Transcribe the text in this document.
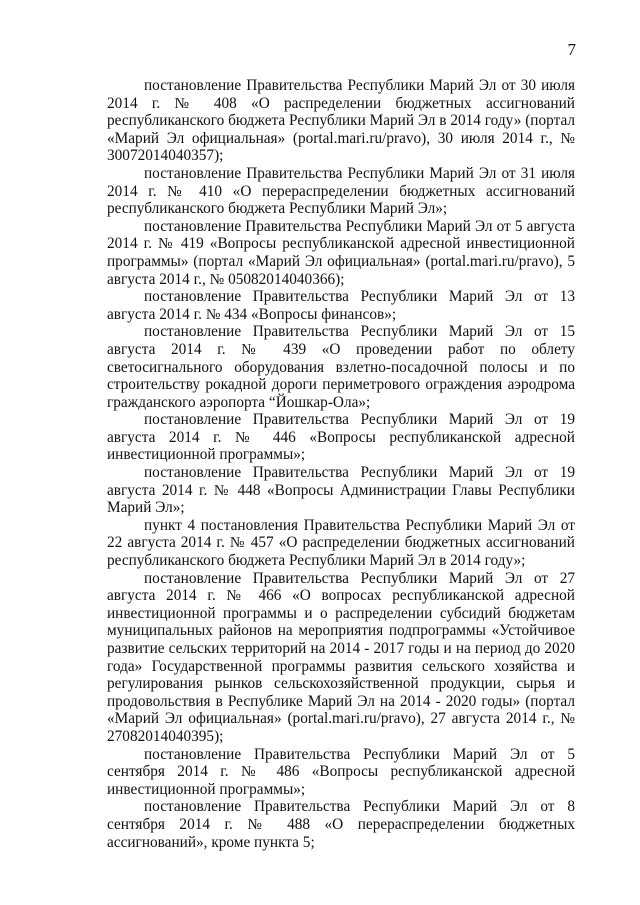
7

постановление Правительства Республики Марий Эл от 30 июля 2014 г. № 408 «О распределении бюджетных ассигнований республиканского бюджета Республики Марий Эл в 2014 году» (портал «Марий Эл официальная» (portal.mari.ru/pravo), 30 июля 2014 г., № 30072014040357);

постановление Правительства Республики Марий Эл от 31 июля 2014 г. № 410 «О перераспределении бюджетных ассигнований республиканского бюджета Республики Марий Эл»;

постановление Правительства Республики Марий Эл от 5 августа 2014 г. № 419 «Вопросы республиканской адресной инвестиционной программы» (портал «Марий Эл официальная» (portal.mari.ru/pravo), 5 августа 2014 г., № 05082014040366);

постановление Правительства Республики Марий Эл от 13 августа 2014 г. № 434 «Вопросы финансов»;

постановление Правительства Республики Марий Эл от 15 августа 2014 г. № 439 «О проведении работ по облету светосигнального оборудования взлетно-посадочной полосы и по строительству рокадной дороги периметрового ограждения аэродрома гражданского аэропорта “Йошкар-Ола»;

постановление Правительства Республики Марий Эл от 19 августа 2014 г. № 446 «Вопросы республиканской адресной инвестиционной программы»;

постановление Правительства Республики Марий Эл от 19 августа 2014 г. № 448 «Вопросы Администрации Главы Республики Марий Эл»;

пункт 4 постановления Правительства Республики Марий Эл от 22 августа 2014 г. № 457 «О распределении бюджетных ассигнований республиканского бюджета Республики Марий Эл в 2014 году»;

постановление Правительства Республики Марий Эл от 27 августа 2014 г. № 466 «О вопросах республиканской адресной инвестиционной программы и о распределении субсидий бюджетам муниципальных районов на мероприятия подпрограммы «Устойчивое развитие сельских территорий на 2014 - 2017 годы и на период до 2020 года» Государственной программы развития сельского хозяйства и регулирования рынков сельскохозяйственной продукции, сырья и продовольствия в Республике Марий Эл на 2014 - 2020 годы» (портал «Марий Эл официальная» (portal.mari.ru/pravo), 27 августа 2014 г., № 27082014040395);

постановление Правительства Республики Марий Эл от 5 сентября 2014 г. № 486 «Вопросы республиканской адресной инвестиционной программы»;

постановление Правительства Республики Марий Эл от 8 сентября 2014 г. № 488 «О перераспределении бюджетных ассигнований», кроме пункта 5;
